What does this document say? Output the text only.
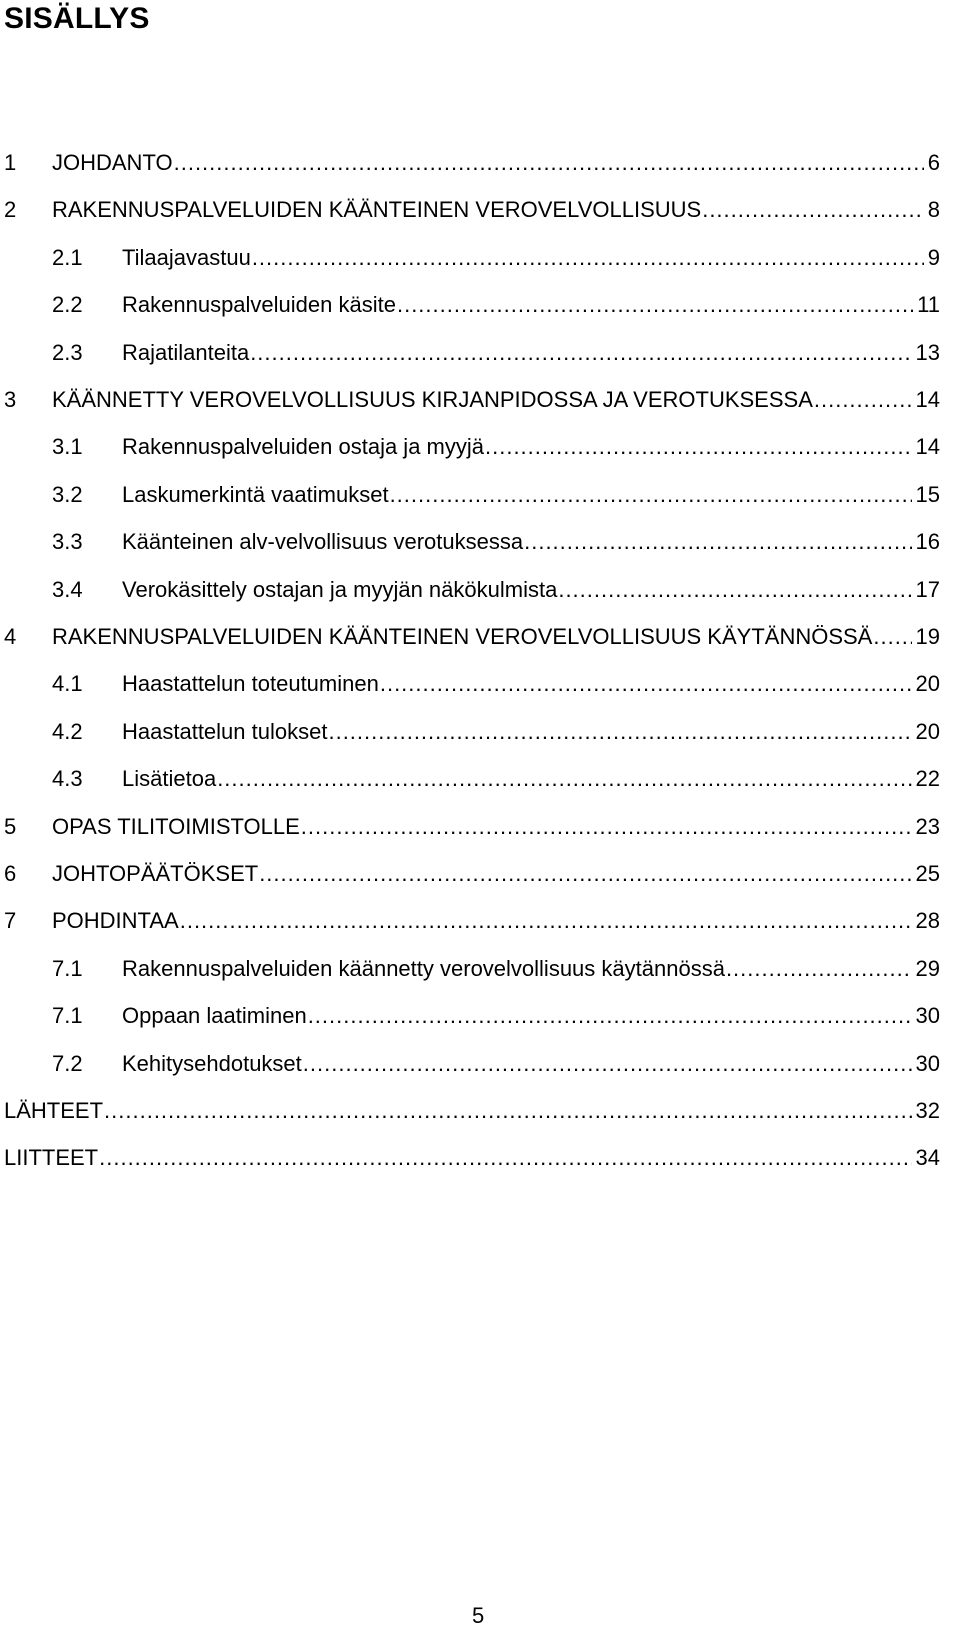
SISÄLLYS
1 JOHDANTO .....	6
2 RAKENNUSPALVELUIDEN KÄÄNTEINEN VEROVELVOLLISUUS .....	8
2.1 Tilaajavastuu .....	9
2.2 Rakennuspalveluiden käsite .....	11
2.3 Rajatilanteita .....	13
3 KÄÄNNETTY VEROVELVOLLISUUS KIRJANPIDOSSA JA VEROTUKSESSA .....	14
3.1 Rakennuspalveluiden ostaja ja myyjä .....	14
3.2 Laskumerkintä vaatimukset .....	15
3.3 Käänteinen alv-velvollisuus verotuksessa .....	16
3.4 Verokäsittely ostajan ja myyjän näkökulmista .....	17
4 RAKENNUSPALVELUIDEN KÄÄNTEINEN VEROVELVOLLISUUS KÄYTÄNNÖSSÄ ..... 19
4.1 Haastattelun toteutuminen .....	20
4.2 Haastattelun tulokset .....	20
4.3 Lisätietoa .....	22
5 OPAS TILITOIMISTOLLE .....	23
6 JOHTOPÄÄTÖKSET .....	25
7 POHDINTAA .....	28
7.1 Rakennuspalveluiden käännetty verovelvollisuus käytännössä .....	29
7.1 Oppaan laatiminen .....	30
7.2 Kehitysehdotukset .....	30
LÄHTEET .....	32
LIITTEET .....	34
5
